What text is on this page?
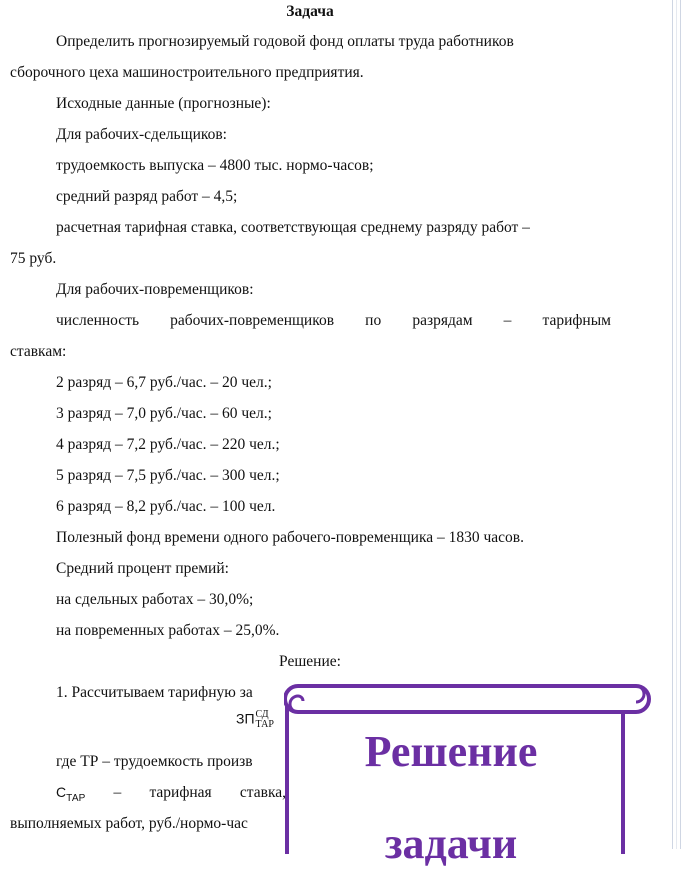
Задача
Определить прогнозируемый годовой фонд оплаты труда работников
сборочного цеха машиностроительного предприятия.
Исходные данные (прогнозные):
Для рабочих-сдельщиков:
трудоемкость выпуска – 4800 тыс. нормо-часов;
средний разряд работ – 4,5;
расчетная тарифная ставка, соответствующая среднему разряду работ –
75 руб.
Для рабочих-повременщиков:
численность рабочих-повременщиков по разрядам – тарифным
ставкам:
2 разряд – 6,7 руб./час. – 20 чел.;
3 разряд – 7,0 руб./час. – 60 чел.;
4 разряд – 7,2 руб./час. – 220 чел.;
5 разряд – 7,5 руб./час. – 300 чел.;
6 разряд – 8,2 руб./час. – 100 чел.
Полезный фонд времени одного рабочего-повременщика – 1830 часов.
Средний процент премий:
на сдельных работах – 30,0%;
на повременных работах – 25,0%.
Решение:
1. Рассчитываем тарифную за
ЗПСД
ТАР
где ТР – трудоемкость произв
$С_{ТАР}$ – тарифная ставка,
выполняемых работ, руб./нормо-час
Решение
задачи
